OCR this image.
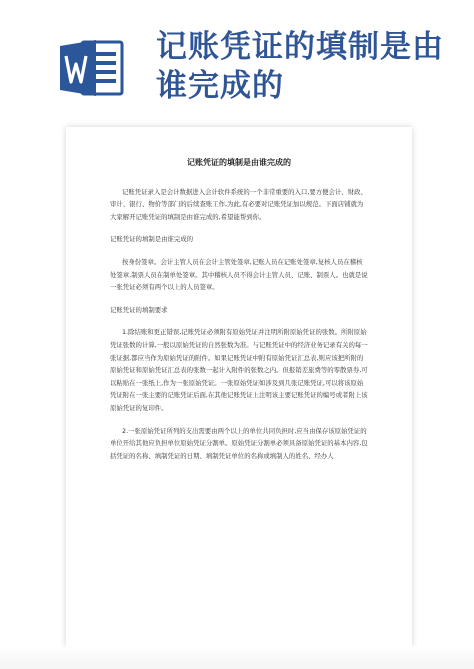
记账凭证的填制是由谁完成的
记账凭证的填制是由谁完成的

记账凭证录入是会计数据进入会计软件系统的一个非常重要的入口,要方便会计、财政、审计、银行、物价等部门的后续查账工作,为此,有必要对记账凭证加以规范。下面店铺就为大家解开记账凭证的填制是由谁完成的,希望能帮到你。

记账凭证的填制是由谁完成的

按身份签章。会计主管人员在会计主管处签章,记账人员在记账处签章,复核人员在稽核处签章,制票人员在制单处签章。其中稽核人员不得会计主管人员、记账、制票人。也就是说一张凭证必须有两个以上的人员签章。

记账凭证的填制要求

1.除结账和更正错误,记账凭证必须附有原始凭证并注明所附原始凭证的张数。所附原始凭证张数的计算,一般以原始凭证的自然张数为准。与记账凭证中的经济业务记录有关的每一张证据,都应当作为原始凭证的附件。如果记账凭证中附有原始凭证汇总表,则应该把所附的原始凭证和原始凭证汇总表的张数一起计入附件的张数之内。但报销差旅费等的零散票券,可以粘贴在一张纸上,作为一张原始凭证。一张原始凭证如涉及到几张记账凭证,可以将该原始凭证附在一张主要的记账凭证后面,在其他记账凭证上注明该主要记账凭证的编号或者附上该原始凭证的复印件。

2.一张原始凭证所列的支出需要由两个以上的单位共同负担时,应当由保存该原始凭证的单位开给其他应负担单位原始凭证分割单。原始凭证分割单必须具备原始凭证的基本内容,包括凭证的名称、填制凭证的日期、填制凭证单位的名称或填制人的姓名、经办人
